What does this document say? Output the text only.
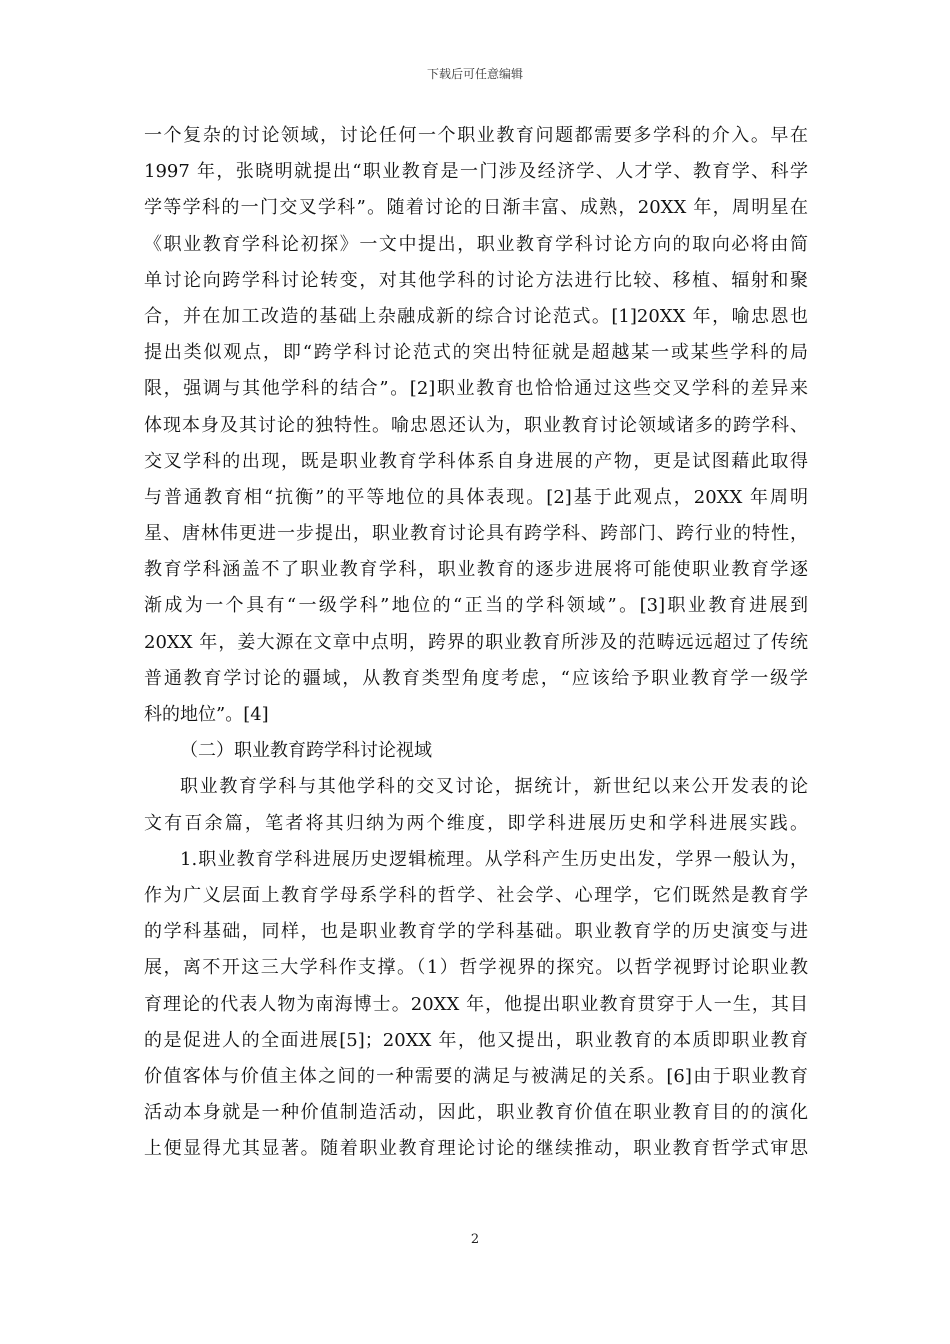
下载后可任意编辑
一个复杂的讨论领域，讨论任何一个职业教育问题都需要多学科的介入。早在
1997 年，张晓明就提出“职业教育是一门涉及经济学、人才学、教育学、科学
学等学科的一门交叉学科”。随着讨论的日渐丰富、成熟，20XX 年，周明星在
《职业教育学科论初探》一文中提出，职业教育学科讨论方向的取向必将由简
单讨论向跨学科讨论转变，对其他学科的讨论方法进行比较、移植、辐射和聚
合，并在加工改造的基础上杂融成新的综合讨论范式。[1]20XX 年，喻忠恩也
提出类似观点，即“跨学科讨论范式的突出特征就是超越某一或某些学科的局
限，强调与其他学科的结合”。[2]职业教育也恰恰通过这些交叉学科的差异来
体现本身及其讨论的独特性。喻忠恩还认为，职业教育讨论领域诸多的跨学科、
交叉学科的出现，既是职业教育学科体系自身进展的产物，更是试图藉此取得
与普通教育相“抗衡”的平等地位的具体表现。[2]基于此观点，20XX 年周明
星、唐林伟更进一步提出，职业教育讨论具有跨学科、跨部门、跨行业的特性，
教育学科涵盖不了职业教育学科，职业教育的逐步进展将可能使职业教育学逐
渐成为一个具有“一级学科”地位的“正当的学科领域”。[3]职业教育进展到
20XX 年，姜大源在文章中点明，跨界的职业教育所涉及的范畴远远超过了传统
普通教育学讨论的疆域，从教育类型角度考虑，“应该给予职业教育学一级学
科的地位”。[4]
（二）职业教育跨学科讨论视域
职业教育学科与其他学科的交叉讨论，据统计，新世纪以来公开发表的论
文有百余篇，笔者将其归纳为两个维度，即学科进展历史和学科进展实践。
1.职业教育学科进展历史逻辑梳理。从学科产生历史出发，学界一般认为，
作为广义层面上教育学母系学科的哲学、社会学、心理学，它们既然是教育学
的学科基础，同样，也是职业教育学的学科基础。职业教育学的历史演变与进
展，离不开这三大学科作支撑。（1）哲学视界的探究。以哲学视野讨论职业教
育理论的代表人物为南海博士。20XX 年，他提出职业教育贯穿于人一生，其目
的是促进人的全面进展[5]；20XX 年，他又提出，职业教育的本质即职业教育
价值客体与价值主体之间的一种需要的满足与被满足的关系。[6]由于职业教育
活动本身就是一种价值制造活动，因此，职业教育价值在职业教育目的的演化
上便显得尤其显著。随着职业教育理论讨论的继续推动，职业教育哲学式审思
2
